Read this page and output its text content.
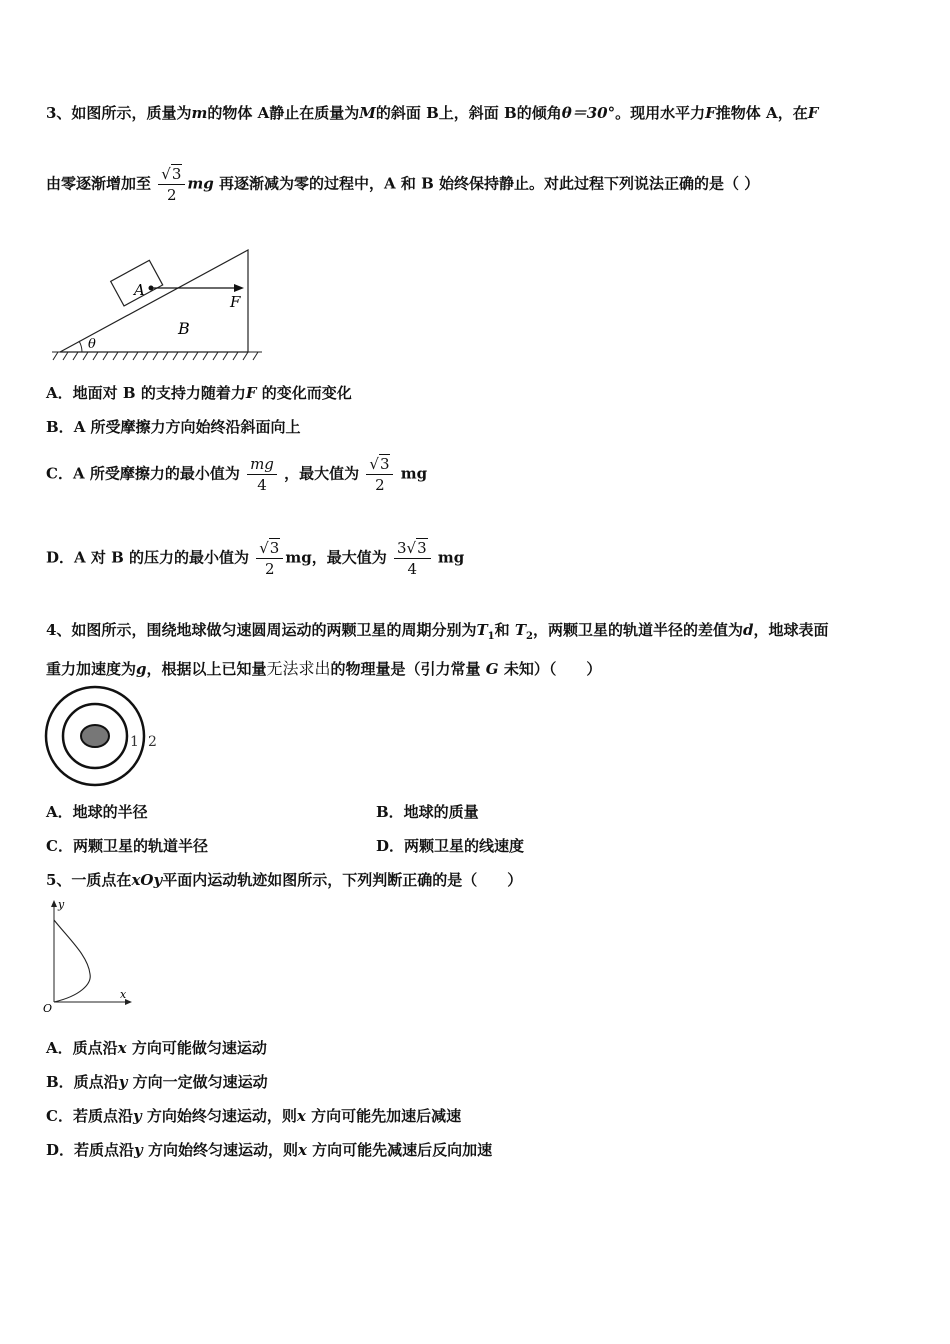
3、如图所示，质量为m的物体 A静止在质量为M的斜面 B上，斜面 B的倾角θ＝30°。现用水平力F推物体 A，在F
由零逐渐增加至 $\frac{√3}{2}$ mg 再逐渐减为零的过程中，A 和 B 始终保持静止。对此过程下列说法正确的是（ ）
A
F
B
θ
A．地面对 B 的支持力随着力F 的变化而变化
B．A 所受摩擦力方向始终沿斜面向上
C．A 所受摩擦力的最小值为 $\frac{mg}{4}$ ，最大值为 $\frac{√3}{2}$ mg
D．A 对 B 的压力的最小值为 $\frac{√3}{2}$ mg，最大值为 $\frac{3√3}{4}$ mg
4、如图所示，围绕地球做匀速圆周运动的两颗卫星的周期分别为$T_1$和 $T_2$，两颗卫星的轨道半径的差值为d，地球表面
重力加速度为g，根据以上已知量无法求出的物理量是（引力常量 G 未知）（　　）
1 2
A．地球的半径	B．地球的质量
C．两颗卫星的轨道半径	D．两颗卫星的线速度
5、一质点在xOy平面内运动轨迹如图所示，下列判断正确的是（　　）
y
x
O
A．质点沿x 方向可能做匀速运动
B．质点沿y 方向一定做匀速运动
C．若质点沿y 方向始终匀速运动，则x 方向可能先加速后减速
D．若质点沿y 方向始终匀速运动，则x 方向可能先减速后反向加速
